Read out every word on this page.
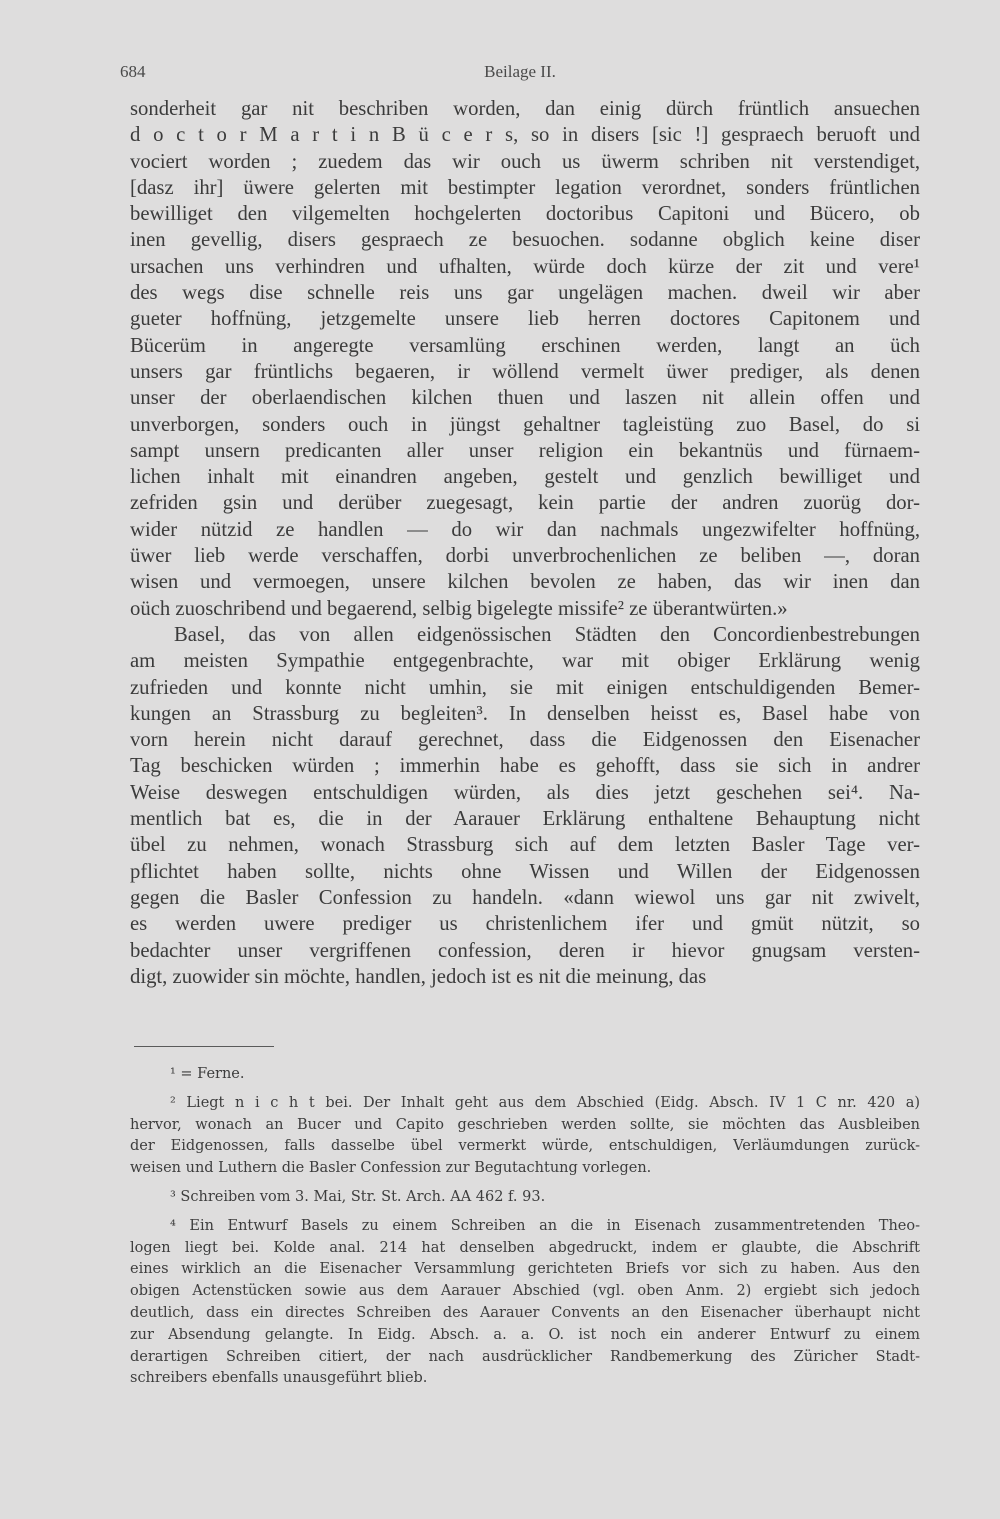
684	Beilage II.
sonderheit gar nit beschriben worden, dan einig dürch früntlich ansuechen
d o c t o r M a r t i n B ü c e r s, so in disers [sic !] gespraech beruoft und
vociert worden ; zuedem das wir ouch us üwerm schriben nit verstendiget,
[dasz ihr] üwere gelerten mit bestimpter legation verordnet, sonders früntlichen
bewilliget den vilgemelten hochgelerten doctoribus Capitoni und Bücero, ob
inen gevellig, disers gespraech ze besuochen. sodanne obglich keine diser
ursachen uns verhindren und ufhalten, würde doch kürze der zit und vere¹
des wegs dise schnelle reis uns gar ungelägen machen. dweil wir aber
gueter hoffnüng, jetzgemelte unsere lieb herren doctores Capitonem und
Bücerüm in angeregte versamlüng erschinen werden, langt an üch
unsers gar früntlichs begaeren, ir wöllend vermelt üwer prediger, als denen
unser der oberlaendischen kilchen thuen und laszen nit allein offen und
unverborgen, sonders ouch in jüngst gehaltner tagleistüng zuo Basel, do si
sampt unsern predicanten aller unser religion ein bekantnüs und fürnaem-
lichen inhalt mit einandren angeben, gestelt und genzlich bewilliget und
zefriden gsin und derüber zuegesagt, kein partie der andren zuorüg dor-
wider nützid ze handlen — do wir dan nachmals ungezwifelter hoffnüng,
üwer lieb werde verschaffen, dorbi unverbrochenlichen ze beliben —, doran
wisen und vermoegen, unsere kilchen bevolen ze haben, das wir inen dan
oüch zuoschribend und begaerend, selbig bigelegte missife² ze überantwürten.»
Basel, das von allen eidgenössischen Städten den Concordienbestrebungen
am meisten Sympathie entgegenbrachte, war mit obiger Erklärung wenig
zufrieden und konnte nicht umhin, sie mit einigen entschuldigenden Bemer-
kungen an Strassburg zu begleiten³. In denselben heisst es, Basel habe von
vorn herein nicht darauf gerechnet, dass die Eidgenossen den Eisenacher
Tag beschicken würden ; immerhin habe es gehofft, dass sie sich in andrer
Weise deswegen entschuldigen würden, als dies jetzt geschehen sei⁴. Na-
mentlich bat es, die in der Aarauer Erklärung enthaltene Behauptung nicht
übel zu nehmen, wonach Strassburg sich auf dem letzten Basler Tage ver-
pflichtet haben sollte, nichts ohne Wissen und Willen der Eidgenossen
gegen die Basler Confession zu handeln. «dann wiewol uns gar nit zwivelt,
es werden uwere prediger us christenlichem ifer und gmüt nützit, so
bedachter unser vergriffenen confession, deren ir hievor gnugsam versten-
digt, zuowider sin möchte, handlen, jedoch ist es nit die meinung, das
¹ = Ferne.
² Liegt n i c h t bei. Der Inhalt geht aus dem Abschied (Eidg. Absch. IV 1 C nr. 420 a)
hervor, wonach an Bucer und Capito geschrieben werden sollte, sie möchten das Ausbleiben
der Eidgenossen, falls dasselbe übel vermerkt würde, entschuldigen, Verläumdungen zurück-
weisen und Luthern die Basler Confession zur Begutachtung vorlegen.
³ Schreiben vom 3. Mai, Str. St. Arch. AA 462 f. 93.
⁴ Ein Entwurf Basels zu einem Schreiben an die in Eisenach zusammentretenden Theo-
logen liegt bei. Kolde anal. 214 hat denselben abgedruckt, indem er glaubte, die Abschrift
eines wirklich an die Eisenacher Versammlung gerichteten Briefs vor sich zu haben. Aus den
obigen Actenstücken sowie aus dem Aarauer Abschied (vgl. oben Anm. 2) ergiebt sich jedoch
deutlich, dass ein directes Schreiben des Aarauer Convents an den Eisenacher überhaupt nicht
zur Absendung gelangte. In Eidg. Absch. a. a. O. ist noch ein anderer Entwurf zu einem
derartigen Schreiben citiert, der nach ausdrücklicher Randbemerkung des Züricher Stadt-
schreibers ebenfalls unausgeführt blieb.
